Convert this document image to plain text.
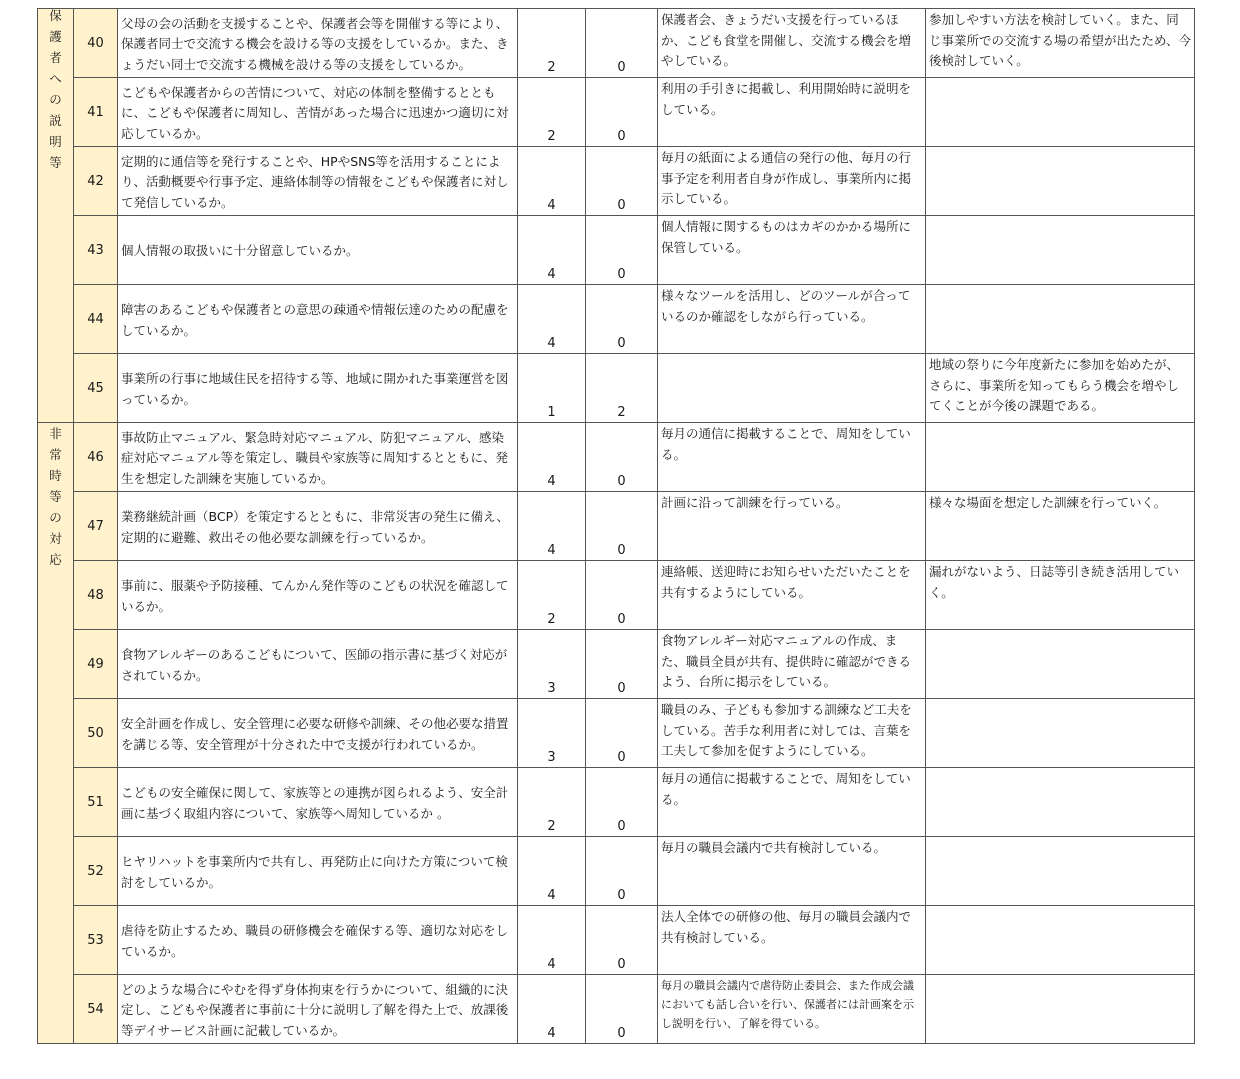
保護者への説明等	40	父母の会の活動を支援することや、保護者会等を開催する等により、保護者同士で交流する機会を設ける等の支援をしているか。また、きょうだい同士で交流する機械を設ける等の支援をしているか。	2	0	保護者会、きょうだい支援を行っているほか、こども食堂を開催し、交流する機会を増やしている。	参加しやすい方法を検討していく。また、同じ事業所での交流する場の希望が出たため、今後検討していく。

	41	こどもや保護者からの苦情について、対応の体制を整備するとともに、こどもや保護者に周知し、苦情があった場合に迅速かつ適切に対応しているか。	2	0	利用の手引きに掲載し、利用開始時に説明をしている。	

	42	定期的に通信等を発行することや、HPやSNS等を活用することにより、活動概要や行事予定、連絡体制等の情報をこどもや保護者に対して発信しているか。	4	0	毎月の紙面による通信の発行の他、毎月の行事予定を利用者自身が作成し、事業所内に掲示している。	

	43	個人情報の取扱いに十分留意しているか。	4	0	個人情報に関するものはカギのかかる場所に保管している。	

	44	障害のあるこどもや保護者との意思の疎通や情報伝達のための配慮をしているか。	4	0	様々なツールを活用し、どのツールが合っているのか確認をしながら行っている。	

	45	事業所の行事に地域住民を招待する等、地域に開かれた事業運営を図っているか。	1	2		地域の祭りに今年度新たに参加を始めたが、さらに、事業所を知ってもらう機会を増やしてくことが今後の課題である。

非常時等の対応	46	事故防止マニュアル、緊急時対応マニュアル、防犯マニュアル、感染症対応マニュアル等を策定し、職員や家族等に周知するとともに、発生を想定した訓練を実施しているか。	4	0	毎月の通信に掲載することで、周知をしている。	

	47	業務継続計画（BCP）を策定するとともに、非常災害の発生に備え、定期的に避難、救出その他必要な訓練を行っているか。	4	0	計画に沿って訓練を行っている。	様々な場面を想定した訓練を行っていく。

	48	事前に、服薬や予防接種、てんかん発作等のこどもの状況を確認しているか。	2	0	連絡帳、送迎時にお知らせいただいたことを共有するようにしている。	漏れがないよう、日誌等引き続き活用していく。

	49	食物アレルギーのあるこどもについて、医師の指示書に基づく対応がされているか。	3	0	食物アレルギー対応マニュアルの作成、また、職員全員が共有、提供時に確認ができるよう、台所に掲示をしている。	

	50	安全計画を作成し、安全管理に必要な研修や訓練、その他必要な措置を講じる等、安全管理が十分された中で支援が行われているか。	3	0	職員のみ、子どもも参加する訓練など工夫をしている。苦手な利用者に対しては、言葉を工夫して参加を促すようにしている。	

	51	こどもの安全確保に関して、家族等との連携が図られるよう、安全計画に基づく取組内容について、家族等へ周知しているか 。	2	0	毎月の通信に掲載することで、周知をしている。	

	52	ヒヤリハットを事業所内で共有し、再発防止に向けた方策について検討をしているか。	4	0	毎月の職員会議内で共有検討している。	

	53	虐待を防止するため、職員の研修機会を確保する等、適切な対応をしているか。	4	0	法人全体での研修の他、毎月の職員会議内で共有検討している。	

	54	どのような場合にやむを得ず身体拘束を行うかについて、組織的に決定し、こどもや保護者に事前に十分に説明し了解を得た上で、放課後等デイサービス計画に記載しているか。	4	0	毎月の職員会議内で虐待防止委員会、また作成会議においても話し合いを行い、保護者には計画案を示し説明を行い、了解を得ている。	
